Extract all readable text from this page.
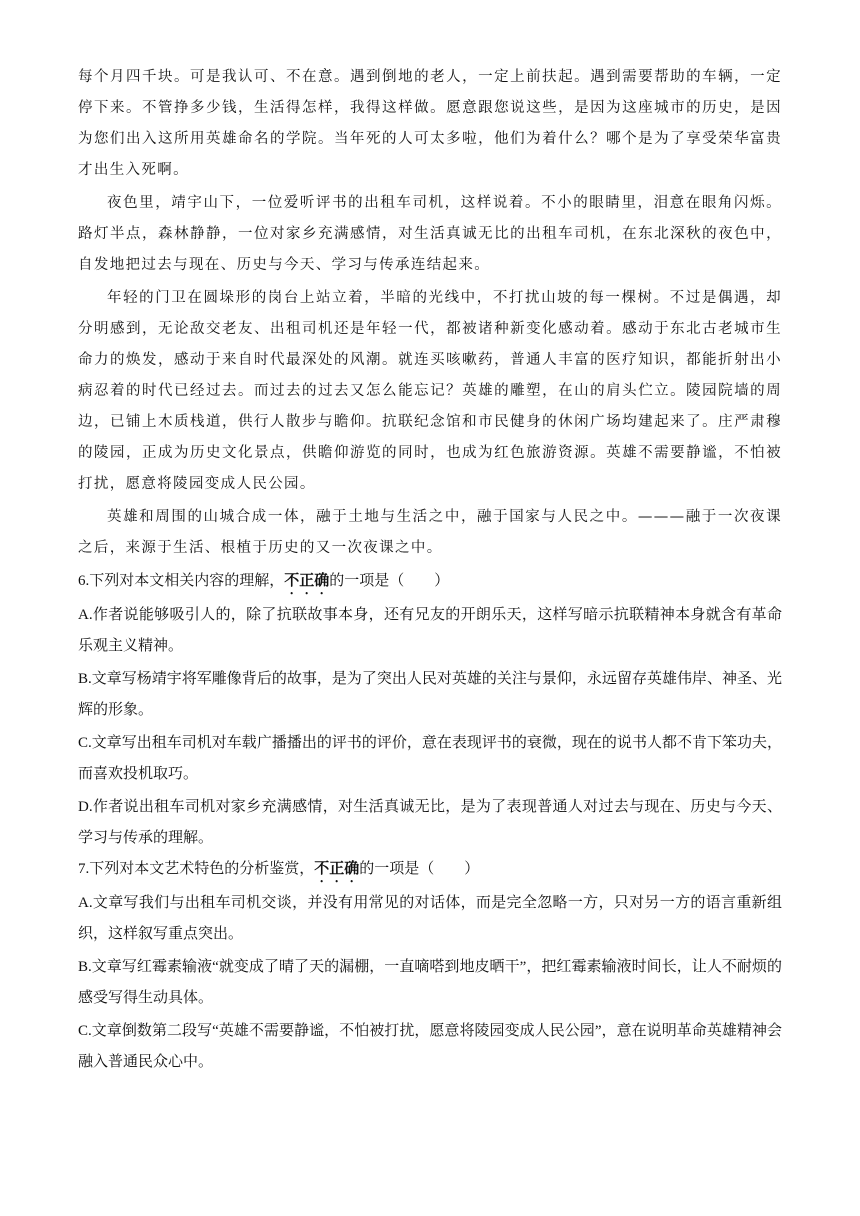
每个月四千块。可是我认可、不在意。遇到倒地的老人，一定上前扶起。遇到需要帮助的车辆，一定停下来。不管挣多少钱，生活得怎样，我得这样做。愿意跟您说这些，是因为这座城市的历史，是因为您们出入这所用英雄命名的学院。当年死的人可太多啦，他们为着什么？哪个是为了享受荣华富贵才出生入死啊。

夜色里，靖宇山下，一位爱听评书的出租车司机，这样说着。不小的眼睛里，泪意在眼角闪烁。路灯半点，森林静静，一位对家乡充满感情，对生活真诚无比的出租车司机，在东北深秋的夜色中，自发地把过去与现在、历史与今天、学习与传承连结起来。

年轻的门卫在圆垛形的岗台上站立着，半暗的光线中，不打扰山坡的每一棵树。不过是偶遇，却分明感到，无论敌交老友、出租司机还是年轻一代，都被诸种新变化感动着。感动于东北古老城市生命力的焕发，感动于来自时代最深处的风潮。就连买咳嗽药，普通人丰富的医疗知识，都能折射出小病忍着的时代已经过去。而过去的过去又怎么能忘记？英雄的雕塑，在山的肩头伫立。陵园院墙的周边，已铺上木质栈道，供行人散步与瞻仰。抗联纪念馆和市民健身的休闲广场均建起来了。庄严肃穆的陵园，正成为历史文化景点，供瞻仰游览的同时，也成为红色旅游资源。英雄不需要静谧，不怕被打扰，愿意将陵园变成人民公园。

英雄和周围的山城合成一体，融于土地与生活之中，融于国家与人民之中。———融于一次夜课之后，来源于生活、根植于历史的又一次夜课之中。

6.下列对本文相关内容的理解，不正确的一项是（　　）

A.作者说能够吸引人的，除了抗联故事本身，还有兄友的开朗乐天，这样写暗示抗联精神本身就含有革命乐观主义精神。

B.文章写杨靖宇将军雕像背后的故事，是为了突出人民对英雄的关注与景仰，永远留存英雄伟岸、神圣、光辉的形象。

C.文章写出租车司机对车载广播播出的评书的评价，意在表现评书的衰微，现在的说书人都不肯下笨功夫，而喜欢投机取巧。

D.作者说出租车司机对家乡充满感情，对生活真诚无比，是为了表现普通人对过去与现在、历史与今天、学习与传承的理解。

7.下列对本文艺术特色的分析鉴赏，不正确的一项是（　　）

A.文章写我们与出租车司机交谈，并没有用常见的对话体，而是完全忽略一方，只对另一方的语言重新组织，这样叙写重点突出。

B.文章写红霉素输液“就变成了晴了天的漏棚，一直嘀嗒到地皮晒干”，把红霉素输液时间长，让人不耐烦的感受写得生动具体。

C.文章倒数第二段写“英雄不需要静谧，不怕被打扰，愿意将陵园变成人民公园”，意在说明革命英雄精神会融入普通民众心中。
